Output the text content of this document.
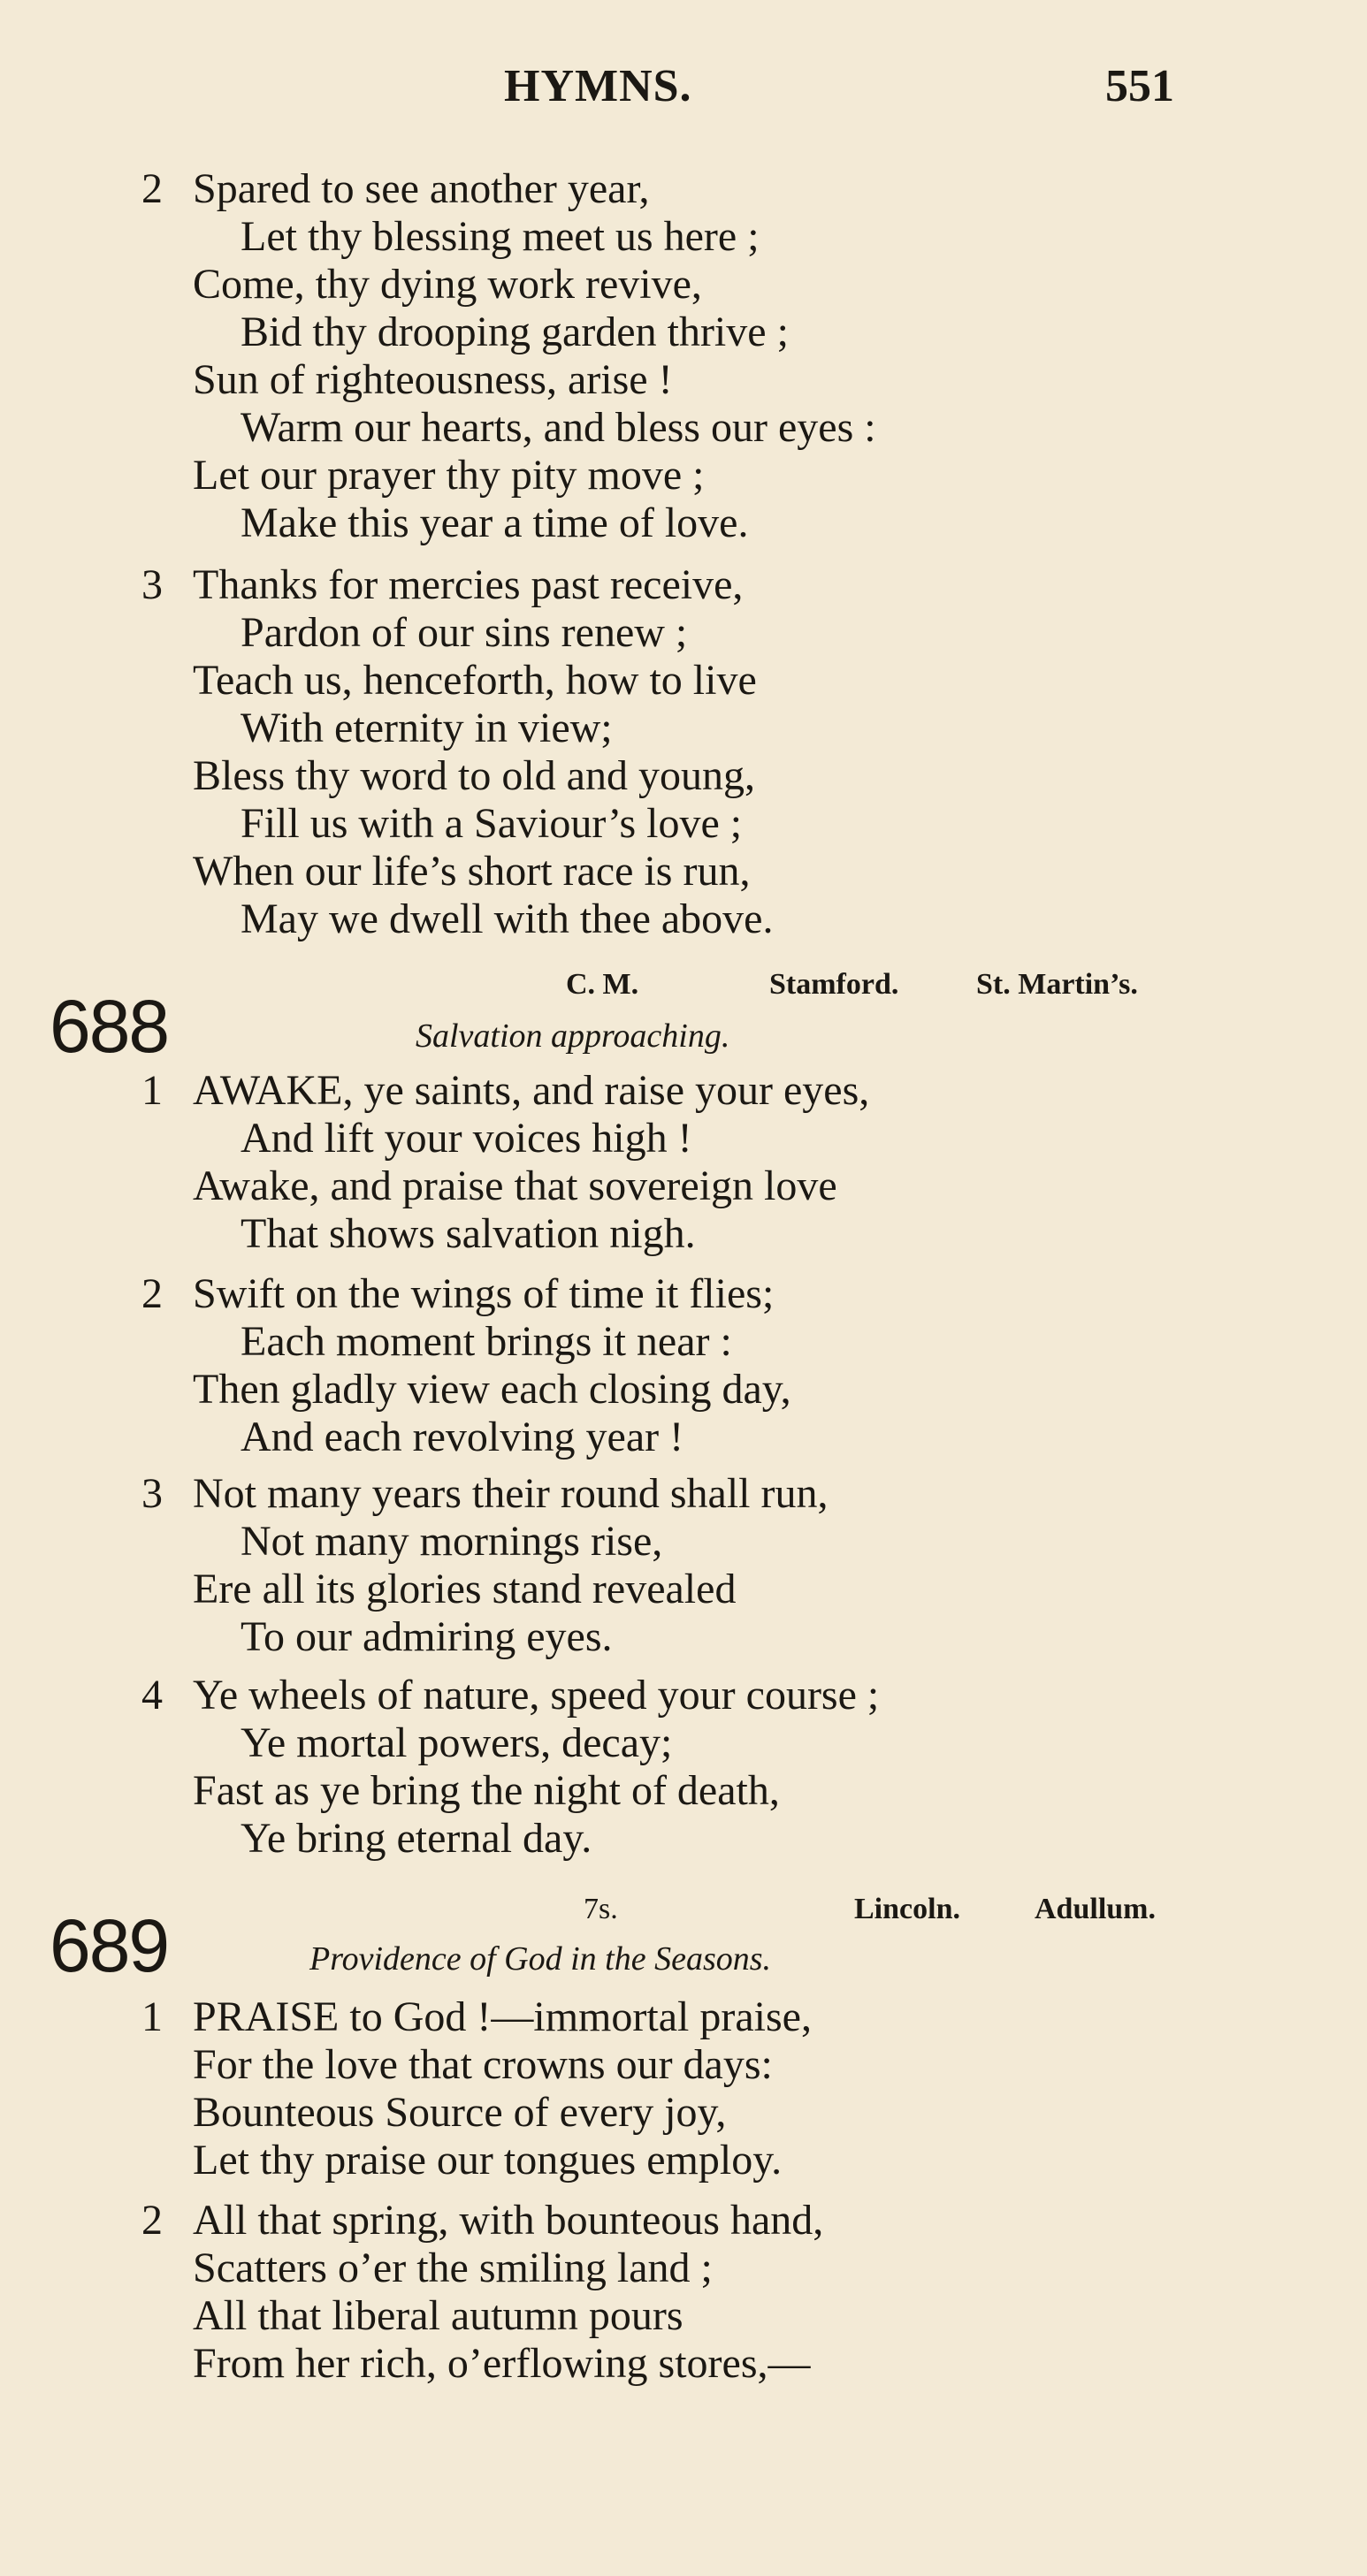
HYMNS.	551
2 Spared to see another year,
Let thy blessing meet us here ;
Come, thy dying work revive,
Bid thy drooping garden thrive ;
Sun of righteousness, arise !
Warm our hearts, and bless our eyes :
Let our prayer thy pity move ;
Make this year a time of love.
3 Thanks for mercies past receive,
Pardon of our sins renew ;
Teach us, henceforth, how to live
With eternity in view;
Bless thy word to old and young,
Fill us with a Saviour’s love ;
When our life’s short race is run,
May we dwell with thee above.
C. M.	Stamford.	St. Martin’s.
688	Salvation approaching.
1 AWAKE, ye saints, and raise your eyes,
And lift your voices high !
Awake, and praise that sovereign love
That shows salvation nigh.
2 Swift on the wings of time it flies;
Each moment brings it near :
Then gladly view each closing day,
And each revolving year !
3 Not many years their round shall run,
Not many mornings rise,
Ere all its glories stand revealed
To our admiring eyes.
4 Ye wheels of nature, speed your course ;
Ye mortal powers, decay;
Fast as ye bring the night of death,
Ye bring eternal day.
7s.	Lincoln. Adullum.
689	Providence of God in the Seasons.
1 PRAISE to God !—immortal praise,
For the love that crowns our days:
Bounteous Source of every joy,
Let thy praise our tongues employ.
2 All that spring, with bounteous hand,
Scatters o’er the smiling land ;
All that liberal autumn pours
From her rich, o’erflowing stores,—
